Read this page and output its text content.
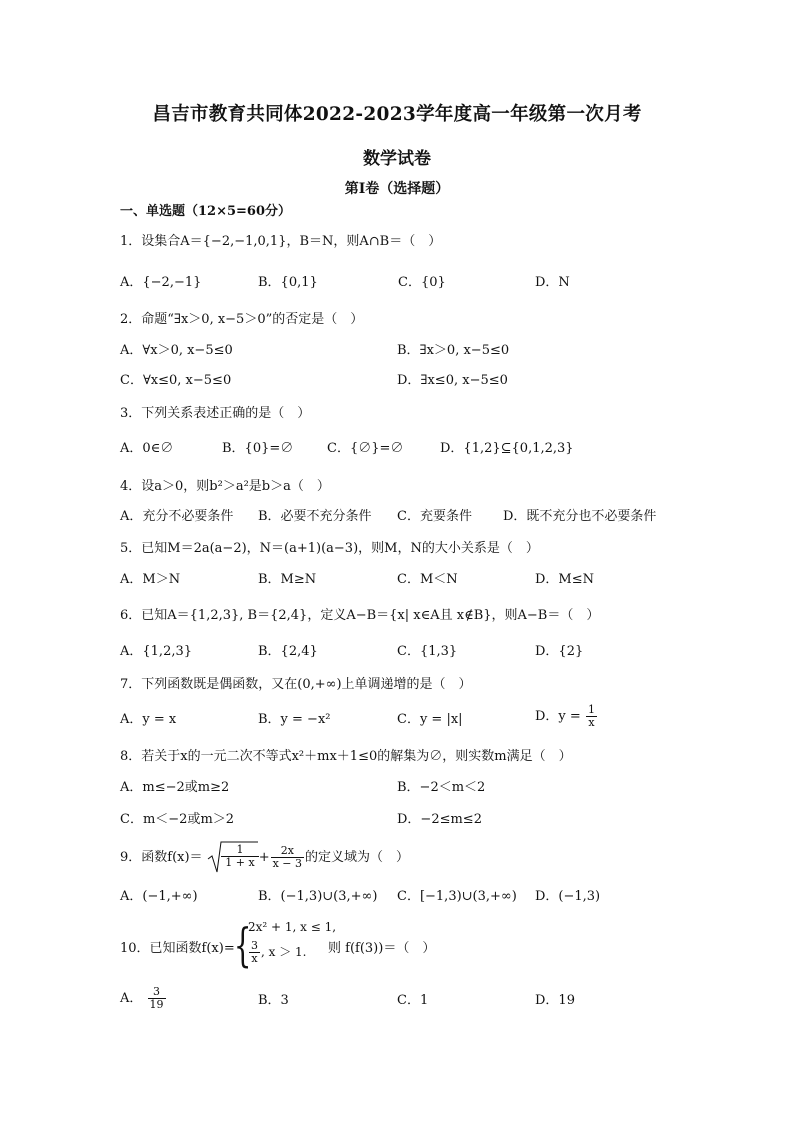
昌吉市教育共同体2022-2023学年度高一年级第一次月考
数学试卷
第Ⅰ卷（选择题）
一、单选题（12×5=60分）
1．设集合A＝{−2,−1,0,1}，B＝N，则A∩B＝（　）
A．{−2,−1}	B．{0,1}	C．{0}	D．N
2．命题“∃x＞0, x−5＞0”的否定是（　）
A．∀x＞0, x−5≤0	B．∃x＞0, x−5≤0
C．∀x≤0, x−5≤0	D．∃x≤0, x−5≤0
3．下列关系表述正确的是（　）
A．0∈∅	B．{0}=∅	C．{∅}=∅	D．{1,2}⊆{0,1,2,3}
4．设a＞0，则b²＞a²是b＞a（　）
A．充分不必要条件 B．必要不充分条件 C．充要条件 D．既不充分也不必要条件
5．已知M＝2a(a−2)，N＝(a+1)(a−3)，则M，N的大小关系是（　）
A．M＞N	B．M≥N	C．M＜N	D．M≤N
6．已知A＝{1,2,3}, B＝{2,4}，定义A−B＝{x| x∈A且 x∉B}，则A−B＝（　）
A．{1,2,3}	B．{2,4}	C．{1,3}	D．{2}
7．下列函数既是偶函数，又在(0,+∞)上单调递增的是（　）
A．y = x	B．y = −x²	C．y = |x|	D．$y = \frac{1}{x}$
8．若关于x的一元二次不等式x²＋mx＋1≤0的解集为∅，则实数m满足（　）
A．m≤−2或m≥2	B．−2＜m＜2
C．m＜−2或m＞2	D．−2≤m≤2
9．函数f(x)＝
1
$1 + x + \frac{2x}{x - 3}$ 的定义域为（　）
A．(−1,+∞)	B．(−1,3)∪(3,+∞) C．[−1,3)∪(3,+∞) D．(−1,3)
10．已知函数f(x)= {
2x² + 1, x ≤ 1,
$\frac{3}{x}$ , x ＞ 1. 则 f(f(3))＝（　）
A． $\frac{3}{19}$	B．3	C．1	D．19
